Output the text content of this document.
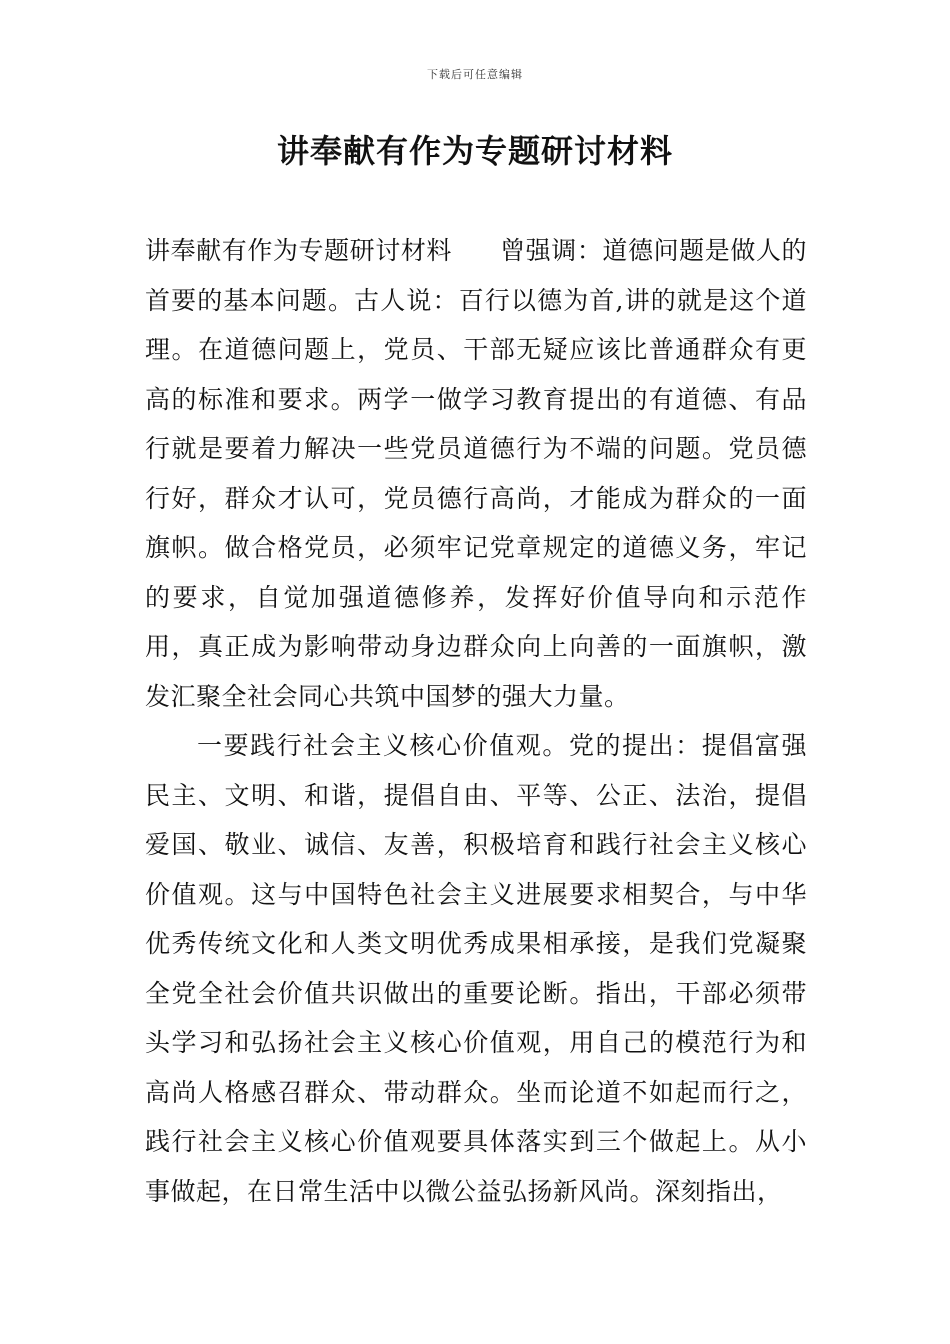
下载后可任意编辑
讲奉献有作为专题研讨材料

讲奉献有作为专题研讨材料 曾强调：道德问题是做人的首要的基本问题。古人说：百行以德为首,讲的就是这个道理。在道德问题上，党员、干部无疑应该比普通群众有更高的标准和要求。两学一做学习教育提出的有道德、有品行就是要着力解决一些党员道德行为不端的问题。党员德行好，群众才认可，党员德行高尚，才能成为群众的一面旗帜。做合格党员，必须牢记党章规定的道德义务，牢记的要求，自觉加强道德修养，发挥好价值导向和示范作用，真正成为影响带动身边群众向上向善的一面旗帜，激发汇聚全社会同心共筑中国梦的强大力量。

一要践行社会主义核心价值观。党的提出：提倡富强民主、文明、和谐，提倡自由、平等、公正、法治，提倡爱国、敬业、诚信、友善，积极培育和践行社会主义核心价值观。这与中国特色社会主义进展要求相契合，与中华优秀传统文化和人类文明优秀成果相承接，是我们党凝聚全党全社会价值共识做出的重要论断。指出，干部必须带头学习和弘扬社会主义核心价值观，用自己的模范行为和高尚人格感召群众、带动群众。坐而论道不如起而行之，践行社会主义核心价值观要具体落实到三个做起上。从小事做起，在日常生活中以微公益弘扬新风尚。深刻指出，
